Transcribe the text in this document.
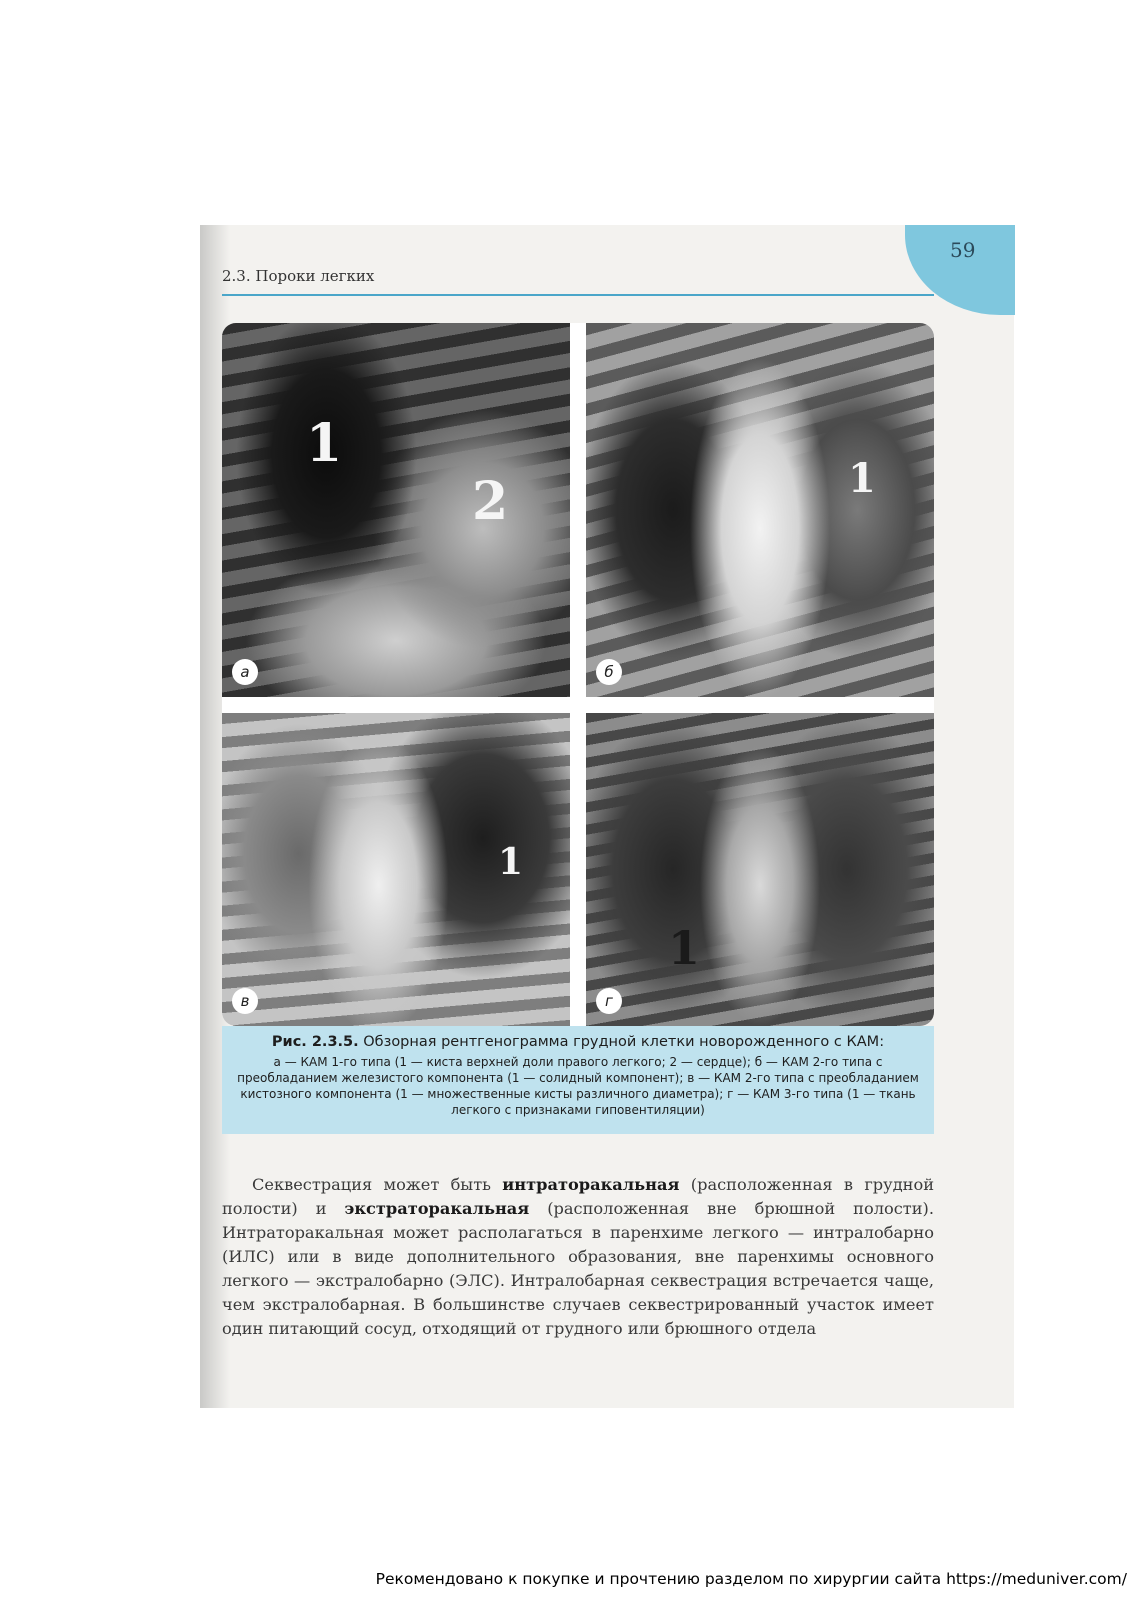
59
2.3. Пороки легких
1
2
а
1
б
1
в
1
г
Рис. 2.3.5. Обзорная рентгенограмма грудной клетки новорожденного с КАМ:
а — КАМ 1-го типа (1 — киста верхней доли правого легкого; 2 — сердце); б — КАМ 2-го типа с преобладанием железистого компонента (1 — солидный компонент); в — КАМ 2-го типа с преобладанием кистозного компонента (1 — множественные кисты различного диаметра); г — КАМ 3-го типа (1 — ткань легкого с признаками гиповентиляции)

Секвестрация может быть интраторакальная (расположенная в грудной полости) и экстраторакальная (расположенная вне брюшной полости). Интраторакальная может располагаться в паренхиме легкого — интралобарно (ИЛС) или в виде дополнительного образования, вне паренхимы основного легкого — экстралобарно (ЭЛС). Интралобарная секвестрация встречается чаще, чем экстралобарная. В большинстве случаев секвестрированный участок имеет один питающий сосуд, отходящий от грудного или брюшного отдела

Рекомендовано к покупке и прочтению разделом по хирургии сайта https://meduniver.com/
